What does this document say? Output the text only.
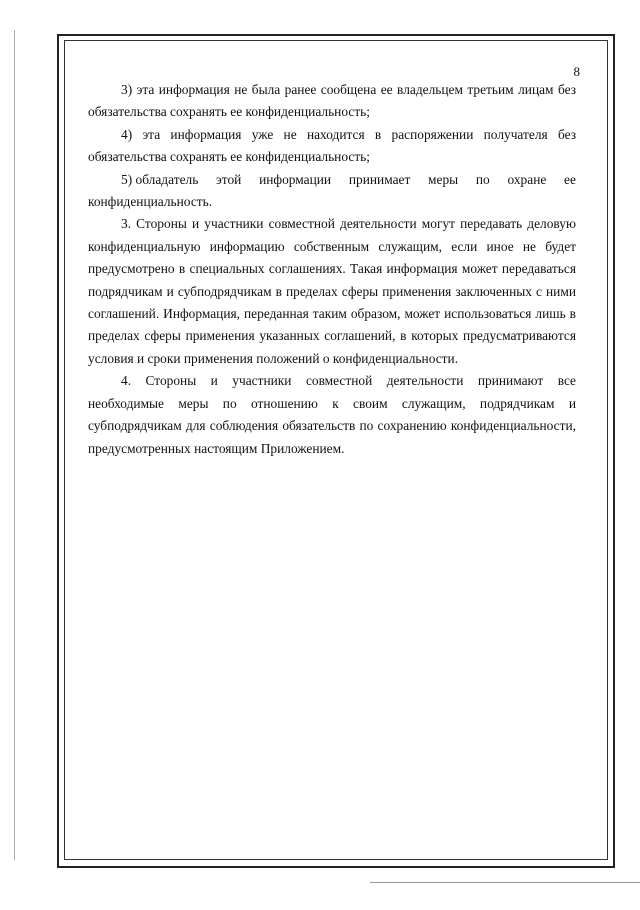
8

3) эта информация не была ранее сообщена ее владельцем третьим лицам без обязательства сохранять ее конфиденциальность;

4) эта информация уже не находится в распоряжении получателя без обязательства сохранять ее конфиденциальность;

5) обладатель этой информации принимает меры по охране ее
конфиденциальность.

3. Стороны и участники совместной деятельности могут передавать деловую конфиденциальную информацию собственным служащим, если иное не будет предусмотрено в специальных соглашениях. Такая информация может передаваться подрядчикам и субподрядчикам в пределах сферы применения заключенных с ними соглашений. Информация, переданная таким образом, может использоваться лишь в пределах сферы применения указанных соглашений, в которых предусматриваются условия и сроки применения положений о конфиденциальности.

4. Стороны и участники совместной деятельности принимают все необходимые меры по отношению к своим служащим, подрядчикам и субподрядчикам для соблюдения обязательств по сохранению конфиденциальности, предусмотренных настоящим Приложением.
